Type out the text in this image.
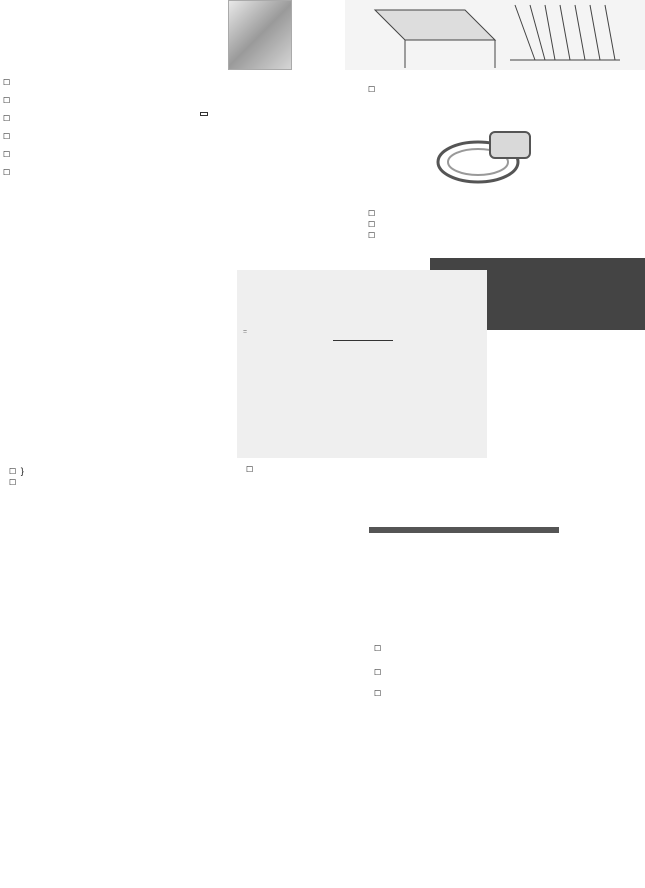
☐

☐

☐

☐

☐

☐

☐

☐
☐
☐
=
☐ }
☐
☐

☐
☐
☐
